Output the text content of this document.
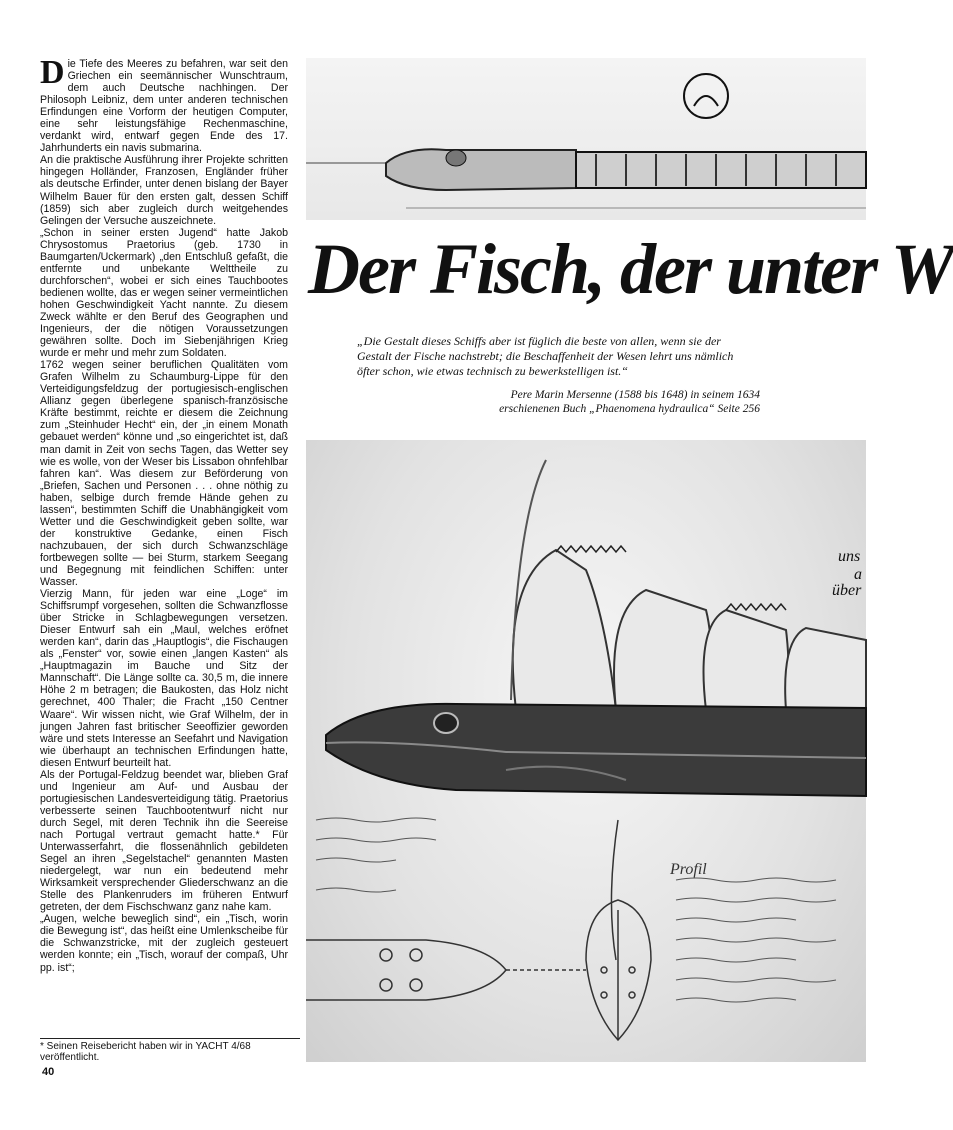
Die Tiefe des Meeres zu befahren, war seit den Griechen ein seemännischer Wunschtraum, dem auch Deutsche nachhingen. Der Philosoph Leibniz, dem unter anderen technischen Erfindungen eine Vorform der heutigen Computer, eine sehr leistungsfähige Rechenmaschine, verdankt wird, entwarf gegen Ende des 17. Jahrhunderts ein navis submarina.

An die praktische Ausführung ihrer Projekte schritten hingegen Holländer, Franzosen, Engländer früher als deutsche Erfinder, unter denen bislang der Bayer Wilhelm Bauer für den ersten galt, dessen Schiff (1859) sich aber zugleich durch weitgehendes Gelingen der Versuche auszeichnete.

„Schon in seiner ersten Jugend“ hatte Jakob Chrysostomus Praetorius (geb. 1730 in Baumgarten/Uckermark) „den Entschluß gefaßt, die entfernte und unbekante Welttheile zu durchforschen“, wobei er sich eines Tauchbootes bedienen wollte, das er wegen seiner vermeintlichen hohen Geschwindigkeit Yacht nannte. Zu diesem Zweck wählte er den Beruf des Geographen und Ingenieurs, der die nötigen Voraussetzungen gewähren sollte. Doch im Siebenjährigen Krieg wurde er mehr und mehr zum Soldaten.

1762 wegen seiner beruflichen Qualitäten vom Grafen Wilhelm zu Schaumburg-Lippe für den Verteidigungsfeldzug der portugiesisch-englischen Allianz gegen überlegene spanisch-französische Kräfte bestimmt, reichte er diesem die Zeichnung zum „Steinhuder Hecht“ ein, der „in einem Monath gebauet werden“ könne und „so eingerichtet ist, daß man damit in Zeit von sechs Tagen, das Wetter sey wie es wolle, von der Weser bis Lissabon ohnfehlbar fahren kan“. Was diesem zur Beförderung von „Briefen, Sachen und Personen . . . ohne nöthig zu haben, selbige durch fremde Hände gehen zu lassen“, bestimmten Schiff die Unabhängigkeit vom Wetter und die Geschwindigkeit geben sollte, war der konstruktive Gedanke, einen Fisch nachzubauen, der sich durch Schwanzschläge fortbewegen sollte — bei Sturm, starkem Seegang und Begegnung mit feindlichen Schiffen: unter Wasser.

Vierzig Mann, für jeden war eine „Loge“ im Schiffsrumpf vorgesehen, sollten die Schwanzflosse über Stricke in Schlagbewegungen versetzen. Dieser Entwurf sah ein „Maul, welches eröfnet werden kan“, darin das „Hauptlogis“, die Fischaugen als „Fenster“ vor, sowie einen „langen Kasten“ als „Hauptmagazin im Bauche und Sitz der Mannschaft“. Die Länge sollte ca. 30,5 m, die innere Höhe 2 m betragen; die Baukosten, das Holz nicht gerechnet, 400 Thaler; die Fracht „150 Centner Waare“. Wir wissen nicht, wie Graf Wilhelm, der in jungen Jahren fast britischer Seeoffizier geworden wäre und stets Interesse an Seefahrt und Navigation wie überhaupt an technischen Erfindungen hatte, diesen Entwurf beurteilt hat.

Als der Portugal-Feldzug beendet war, blieben Graf und Ingenieur am Auf- und Ausbau der portugiesischen Landesverteidigung tätig. Praetorius verbesserte seinen Tauchbootentwurf nicht nur durch Segel, mit deren Technik ihn die Seereise nach Portugal vertraut gemacht hatte.* Für Unterwasserfahrt, die flossenähnlich gebildeten Segel an ihren „Segelstachel“ genannten Masten niedergelegt, war nun ein bedeutend mehr Wirksamkeit versprechender Gliederschwanz an die Stelle des Plankenruders im früheren Entwurf getreten, der dem Fischschwanz ganz nahe kam.

„Augen, welche beweglich sind“, ein „Tisch, worin die Bewegung ist“, das heißt eine Umlenkscheibe für die Schwanzstricke, mit der zugleich gesteuert werden konnte; ein „Tisch, worauf der compaß, Uhr pp. ist“;

* Seinen Reisebericht haben wir in YACHT 4/68 veröffentlicht.
40
Der Fisch, der unter W
„Die Gestalt dieses Schiffs aber ist füglich die beste von allen, wenn sie der Gestalt der Fische nachstrebt; die Beschaffenheit der Wesen lehrt uns nämlich öfter schon, wie etwas technisch zu bewerkstelligen ist.“
Pere Marin Mersenne (1588 bis 1648) in seinem 1634
erschienenen Buch „Phaenomena hydraulica“ Seite 256
Profil
uns
a
über
